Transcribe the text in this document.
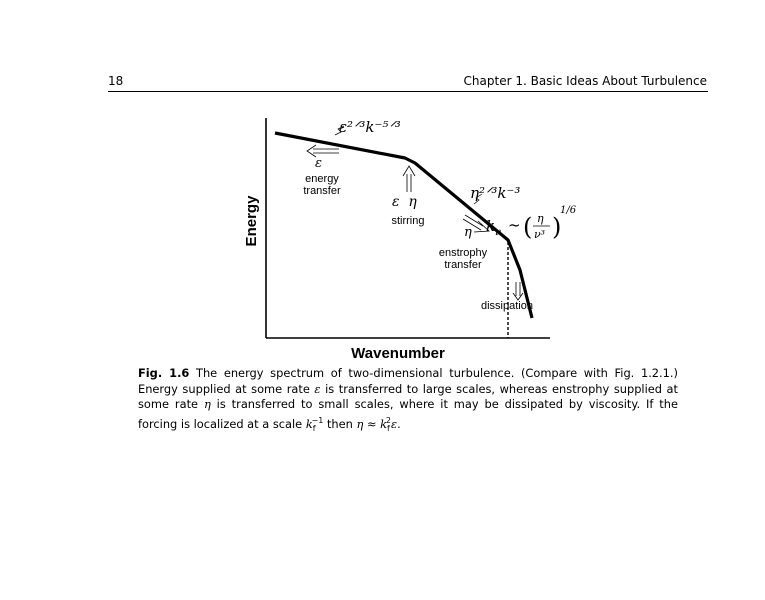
18	Chapter 1. Basic Ideas About Turbulence
Wavenumber
Energy
ε²ᐟ³k⁻⁵ᐟ³
ε
energy
transfer
ε  η
stirring
η²ᐟ³k⁻³
η k ν ~ ( η
ν³ )
1/6
enstrophy
transfer
dissipation
Fig. 1.6 The energy spectrum of two-dimensional turbulence. (Compare with Fig. 1.2.1.) Energy supplied at some rate ε is transferred to large scales, whereas enstrophy supplied at some rate η is transferred to small scales, where it may be dissipated by viscosity. If the forcing is localized at a scale $k_f^{-1}$ then $\eta \approx k_f^2\varepsilon$.
